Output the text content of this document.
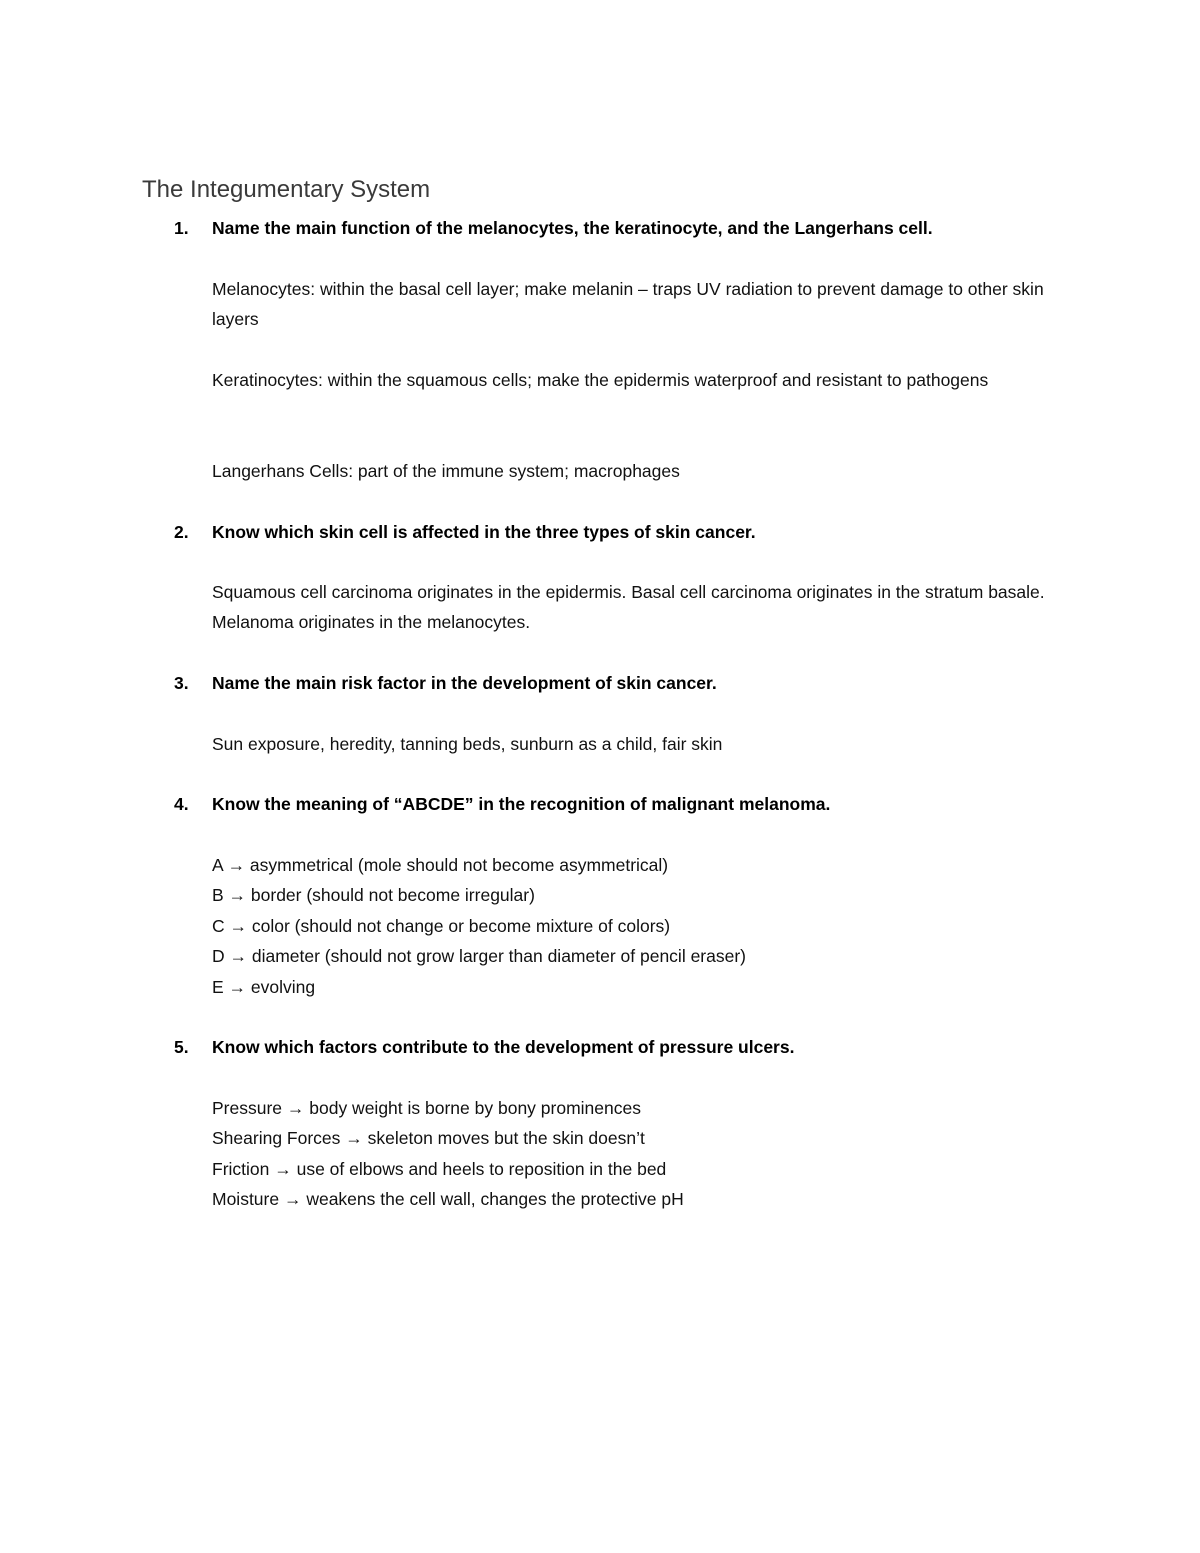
The Integumentary System
1. Name the main function of the melanocytes, the keratinocyte, and the Langerhans cell.

Melanocytes: within the basal cell layer; make melanin – traps UV radiation to prevent damage to other skin layers

Keratinocytes: within the squamous cells; make the epidermis waterproof and resistant to pathogens

Langerhans Cells: part of the immune system; macrophages

2. Know which skin cell is affected in the three types of skin cancer.

Squamous cell carcinoma originates in the epidermis. Basal cell carcinoma originates in the stratum basale. Melanoma originates in the melanocytes.

3. Name the main risk factor in the development of skin cancer.

Sun exposure, heredity, tanning beds, sunburn as a child, fair skin

4. Know the meaning of “ABCDE” in the recognition of malignant melanoma.
A → asymmetrical (mole should not become asymmetrical)
B → border (should not become irregular)
C → color (should not change or become mixture of colors)
D → diameter (should not grow larger than diameter of pencil eraser)
E → evolving
5. Know which factors contribute to the development of pressure ulcers.
Pressure → body weight is borne by bony prominences
Shearing Forces → skeleton moves but the skin doesn’t
Friction → use of elbows and heels to reposition in the bed
Moisture → weakens the cell wall, changes the protective pH
